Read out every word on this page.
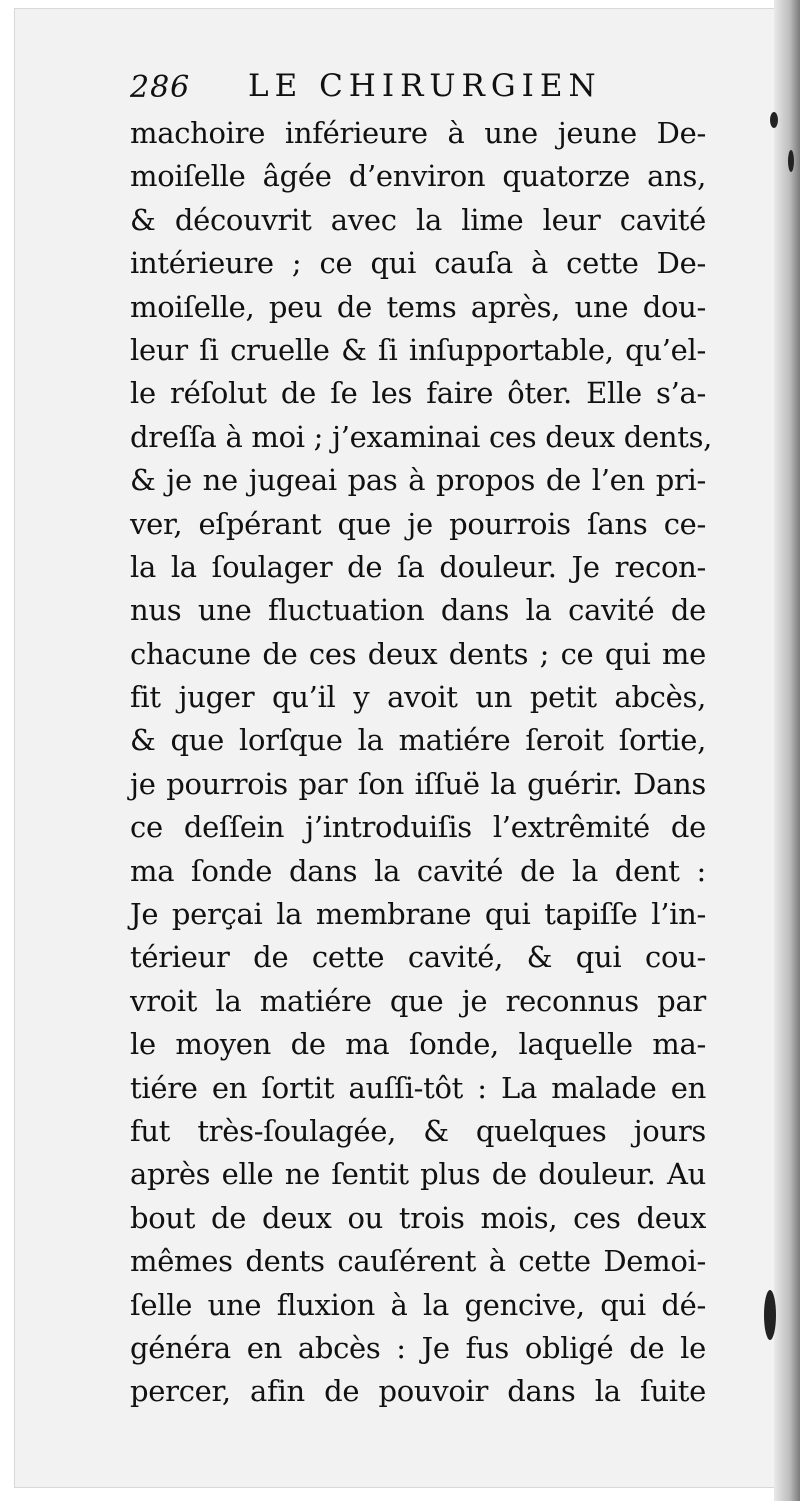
286 LE CHIRURGIEN
machoire inférieure à une jeune De-
moiſelle âgée d’environ quatorze ans,
& découvrit avec la lime leur cavité
intérieure ; ce qui cauſa à cette De-
moiſelle, peu de tems après, une dou-
leur ſi cruelle & ſi inſupportable, qu’el-
le réſolut de ſe les faire ôter. Elle s’a-
dreſſa à moi ; j’examinai ces deux dents,
& je ne jugeai pas à propos de l’en pri-
ver, eſpérant que je pourrois ſans ce-
la la ſoulager de ſa douleur. Je recon-
nus une fluctuation dans la cavité de
chacune de ces deux dents ; ce qui me
fit juger qu’il y avoit un petit abcès,
& que lorſque la matiére ſeroit ſortie,
je pourrois par ſon iſſuë la guérir. Dans
ce deſſein j’introduiſis l’extrêmité de
ma ſonde dans la cavité de la dent :
Je perçai la membrane qui tapiſſe l’in-
térieur de cette cavité, & qui cou-
vroit la matiére que je reconnus par
le moyen de ma ſonde, laquelle ma-
tiére en ſortit auſſi-tôt : La malade en
fut très-ſoulagée, & quelques jours
après elle ne ſentit plus de douleur. Au
bout de deux ou trois mois, ces deux
mêmes dents cauſérent à cette Demoi-
ſelle une fluxion à la gencive, qui dé-
généra en abcès : Je fus obligé de le
percer, afin de pouvoir dans la ſuite
